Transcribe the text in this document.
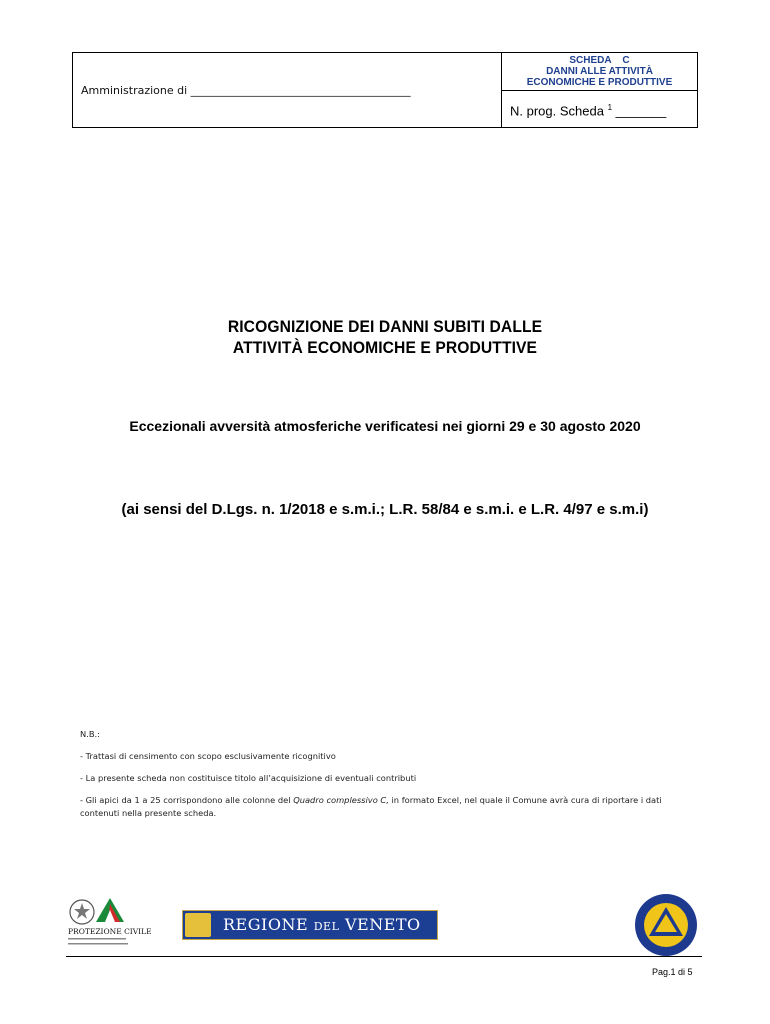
Amministrazione di ________________________________________
SCHEDA    C
DANNI ALLE ATTIVITÀ
ECONOMICHE E PRODUTTIVE
N. prog. Scheda $^1$ _______
RICOGNIZIONE DEI DANNI SUBITI DALLE
ATTIVITÀ ECONOMICHE E PRODUTTIVE
Eccezionali avversità atmosferiche verificatesi nei giorni 29 e 30 agosto 2020
(ai sensi del D.Lgs. n. 1/2018 e s.m.i.; L.R. 58/84 e s.m.i. e L.R. 4/97 e s.m.i)

N.B.:

- Trattasi di censimento con scopo esclusivamente ricognitivo

- La presente scheda non costituisce titolo all’acquisizione di eventuali contributi

- Gli apici da 1 a 25 corrispondono alle colonne del Quadro complessivo C, in formato Excel, nel quale il Comune avrà cura di riportare i dati contenuti nella presente scheda.

PROTEZIONE CIVILE	REGIONE DEL VENETO
Pag.1 di 5
